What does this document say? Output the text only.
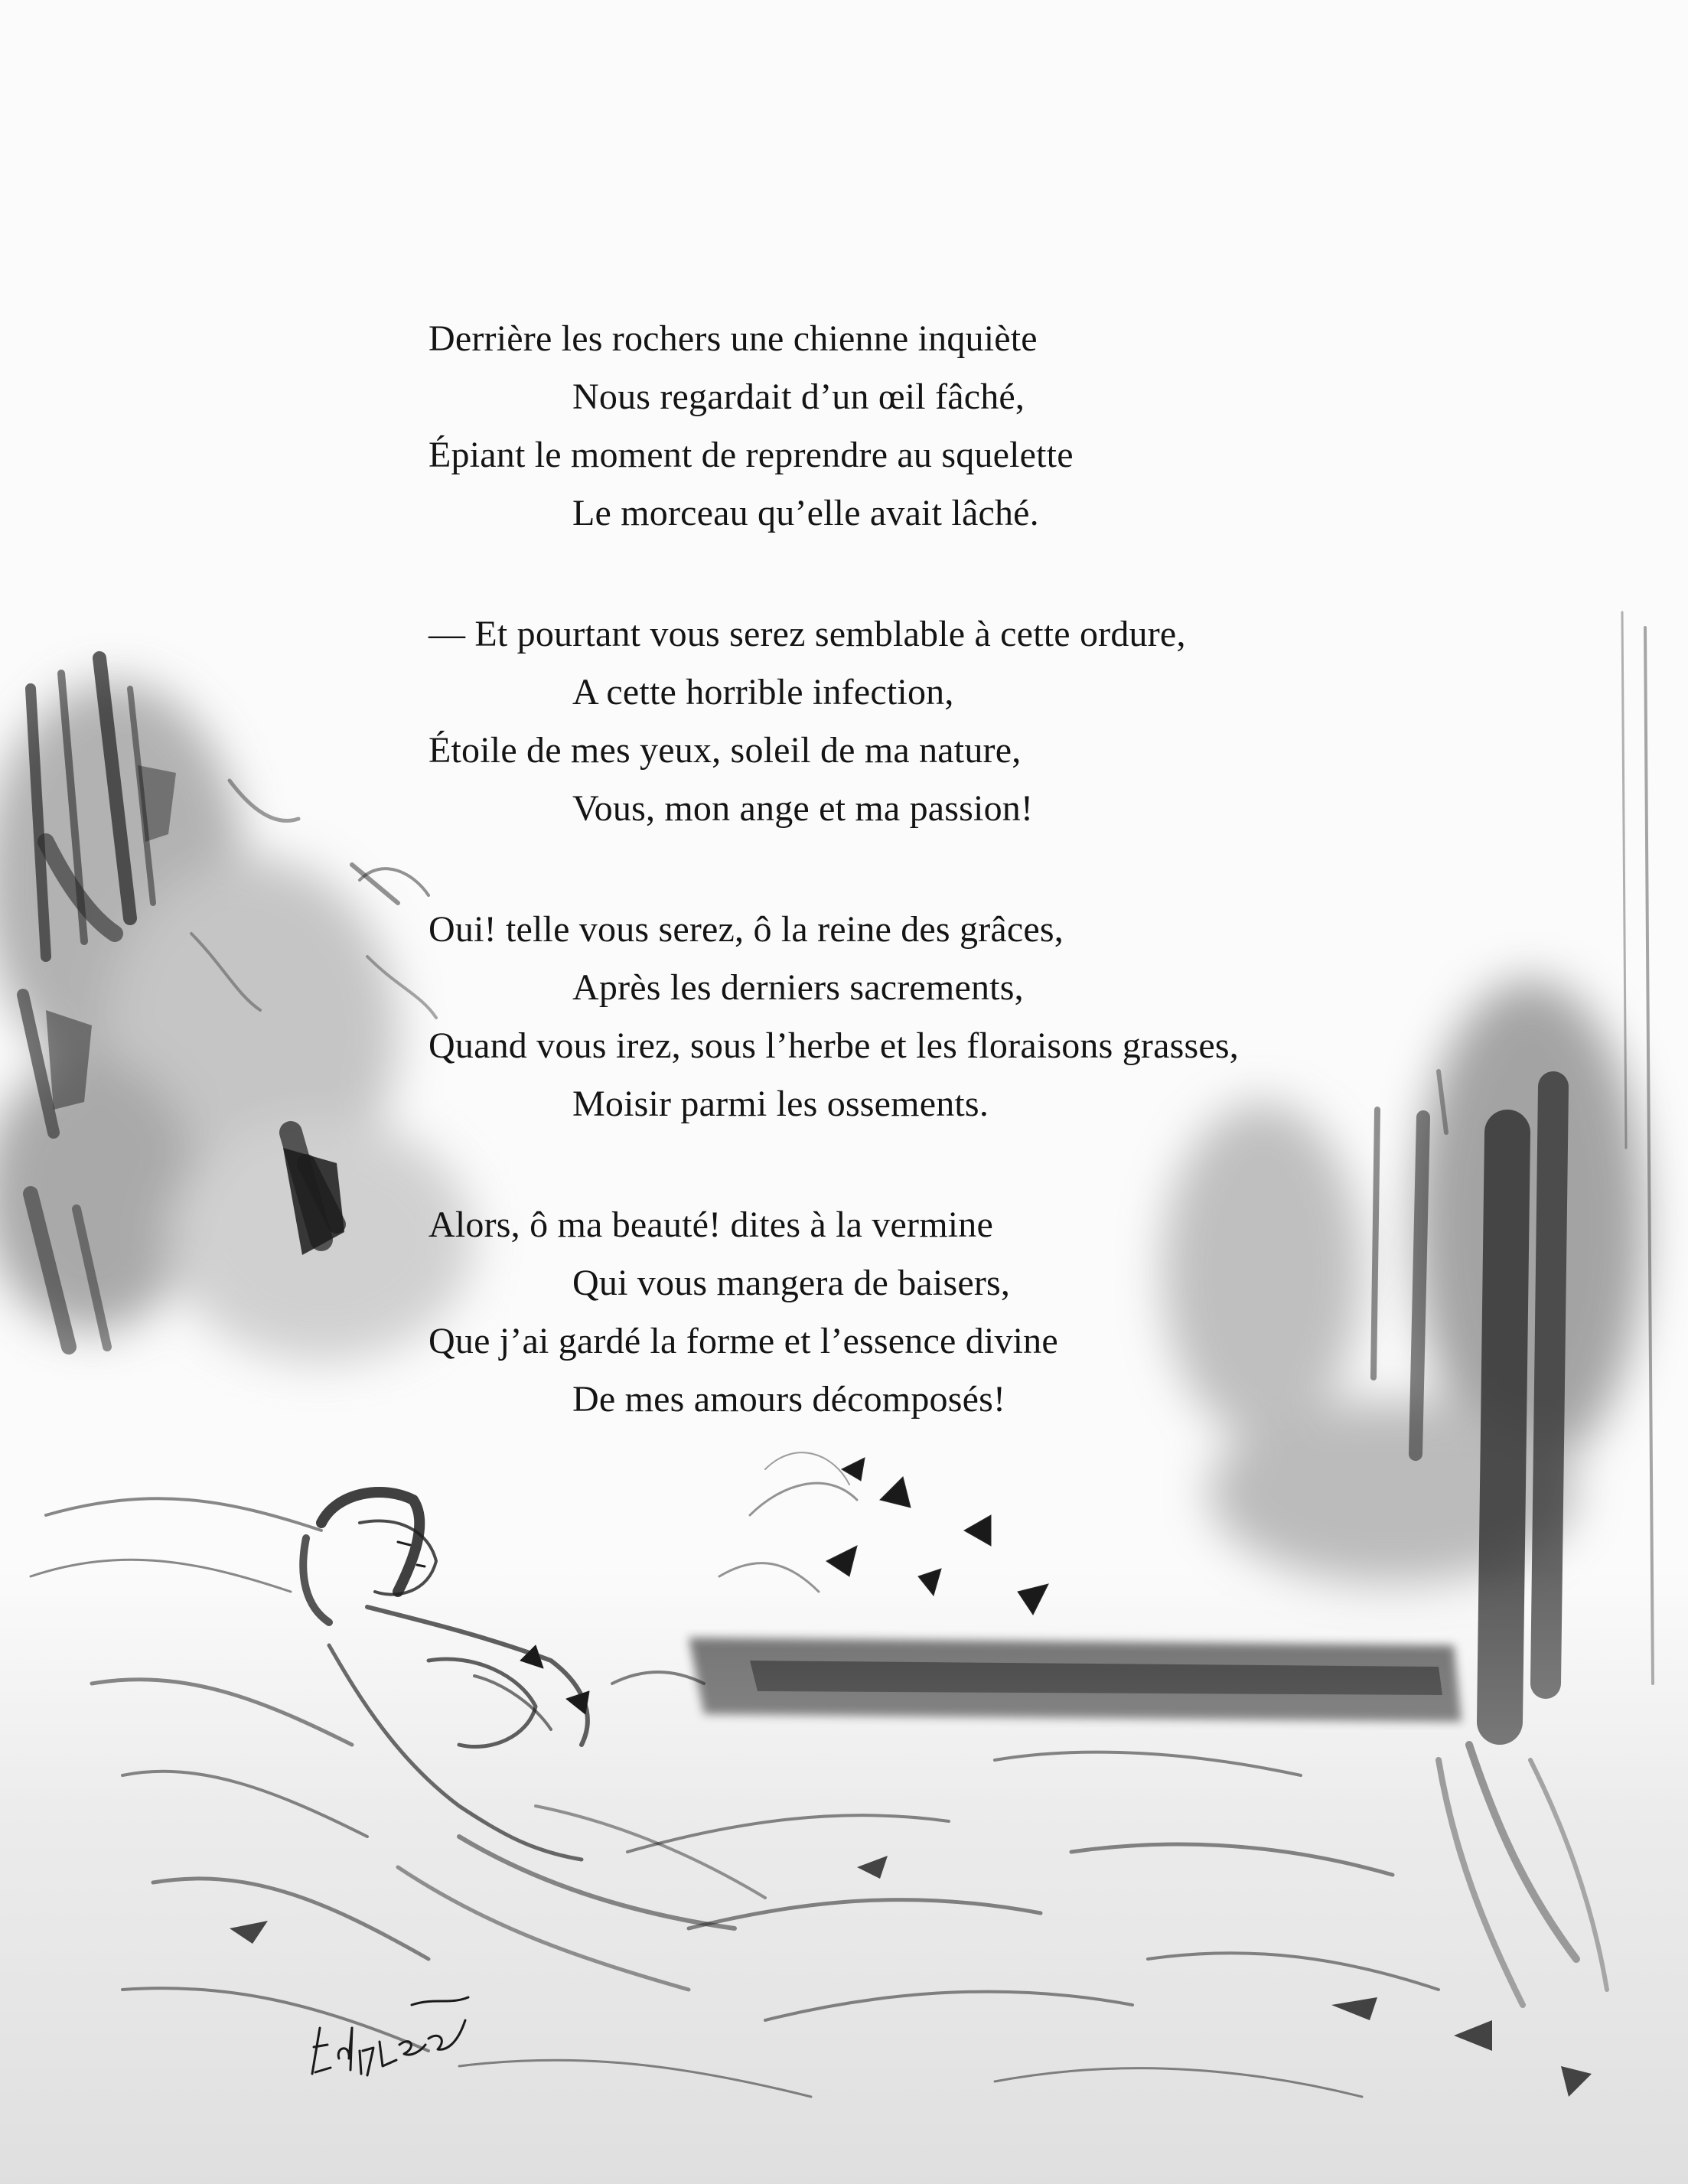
Derrière les rochers une chienne inquiète
Nous regardait d’un œil fâché,
Épiant le moment de reprendre au squelette
Le morceau qu’elle avait lâché.
— Et pourtant vous serez semblable à cette ordure,
A cette horrible infection,
Étoile de mes yeux, soleil de ma nature,
Vous, mon ange et ma passion!
Oui! telle vous serez, ô la reine des grâces,
Après les derniers sacrements,
Quand vous irez, sous l’herbe et les floraisons grasses,
Moisir parmi les ossements.
Alors, ô ma beauté! dites à la vermine
Qui vous mangera de baisers,
Que j’ai gardé la forme et l’essence divine
De mes amours décomposés!
